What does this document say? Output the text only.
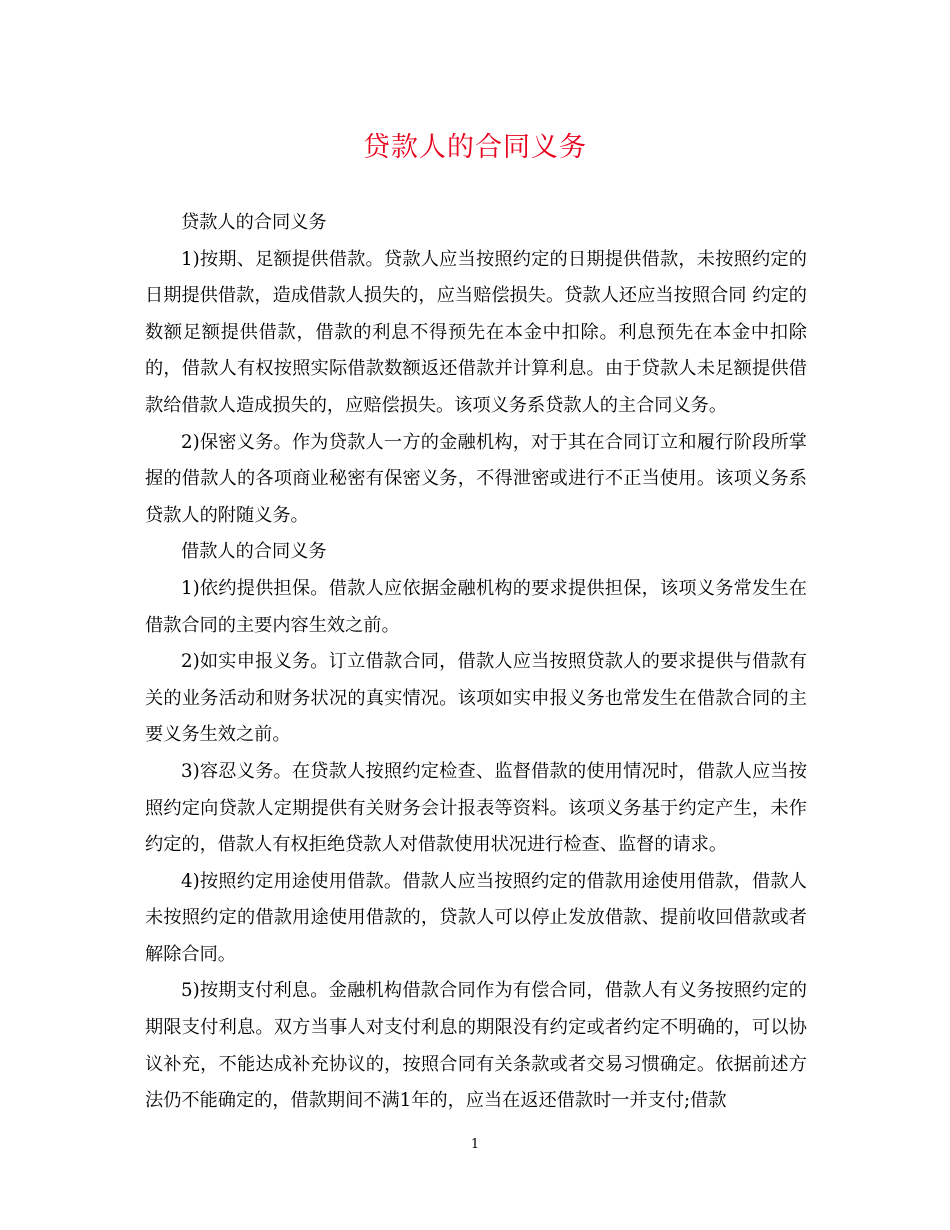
贷款人的合同义务

贷款人的合同义务

1)按期、足额提供借款。贷款人应当按照约定的日期提供借款，未按照约定的日期提供借款，造成借款人损失的，应当赔偿损失。贷款人还应当按照合同 约定的数额足额提供借款，借款的利息不得预先在本金中扣除。利息预先在本金中扣除的，借款人有权按照实际借款数额返还借款并计算利息。由于贷款人未足额提供借款给借款人造成损失的，应赔偿损失。该项义务系贷款人的主合同义务。

2)保密义务。作为贷款人一方的金融机构，对于其在合同订立和履行阶段所掌握的借款人的各项商业秘密有保密义务，不得泄密或进行不正当使用。该项义务系贷款人的附随义务。

借款人的合同义务

1)依约提供担保。借款人应依据金融机构的要求提供担保，该项义务常发生在借款合同的主要内容生效之前。

2)如实申报义务。订立借款合同，借款人应当按照贷款人的要求提供与借款有关的业务活动和财务状况的真实情况。该项如实申报义务也常发生在借款合同的主要义务生效之前。

3)容忍义务。在贷款人按照约定检查、监督借款的使用情况时，借款人应当按照约定向贷款人定期提供有关财务会计报表等资料。该项义务基于约定产生，未作约定的，借款人有权拒绝贷款人对借款使用状况进行检查、监督的请求。

4)按照约定用途使用借款。借款人应当按照约定的借款用途使用借款，借款人未按照约定的借款用途使用借款的，贷款人可以停止发放借款、提前收回借款或者解除合同。

5)按期支付利息。金融机构借款合同作为有偿合同，借款人有义务按照约定的期限支付利息。双方当事人对支付利息的期限没有约定或者约定不明确的，可以协议补充，不能达成补充协议的，按照合同有关条款或者交易习惯确定。依据前述方法仍不能确定的，借款期间不满1年的，应当在返还借款时一并支付;借款

1
